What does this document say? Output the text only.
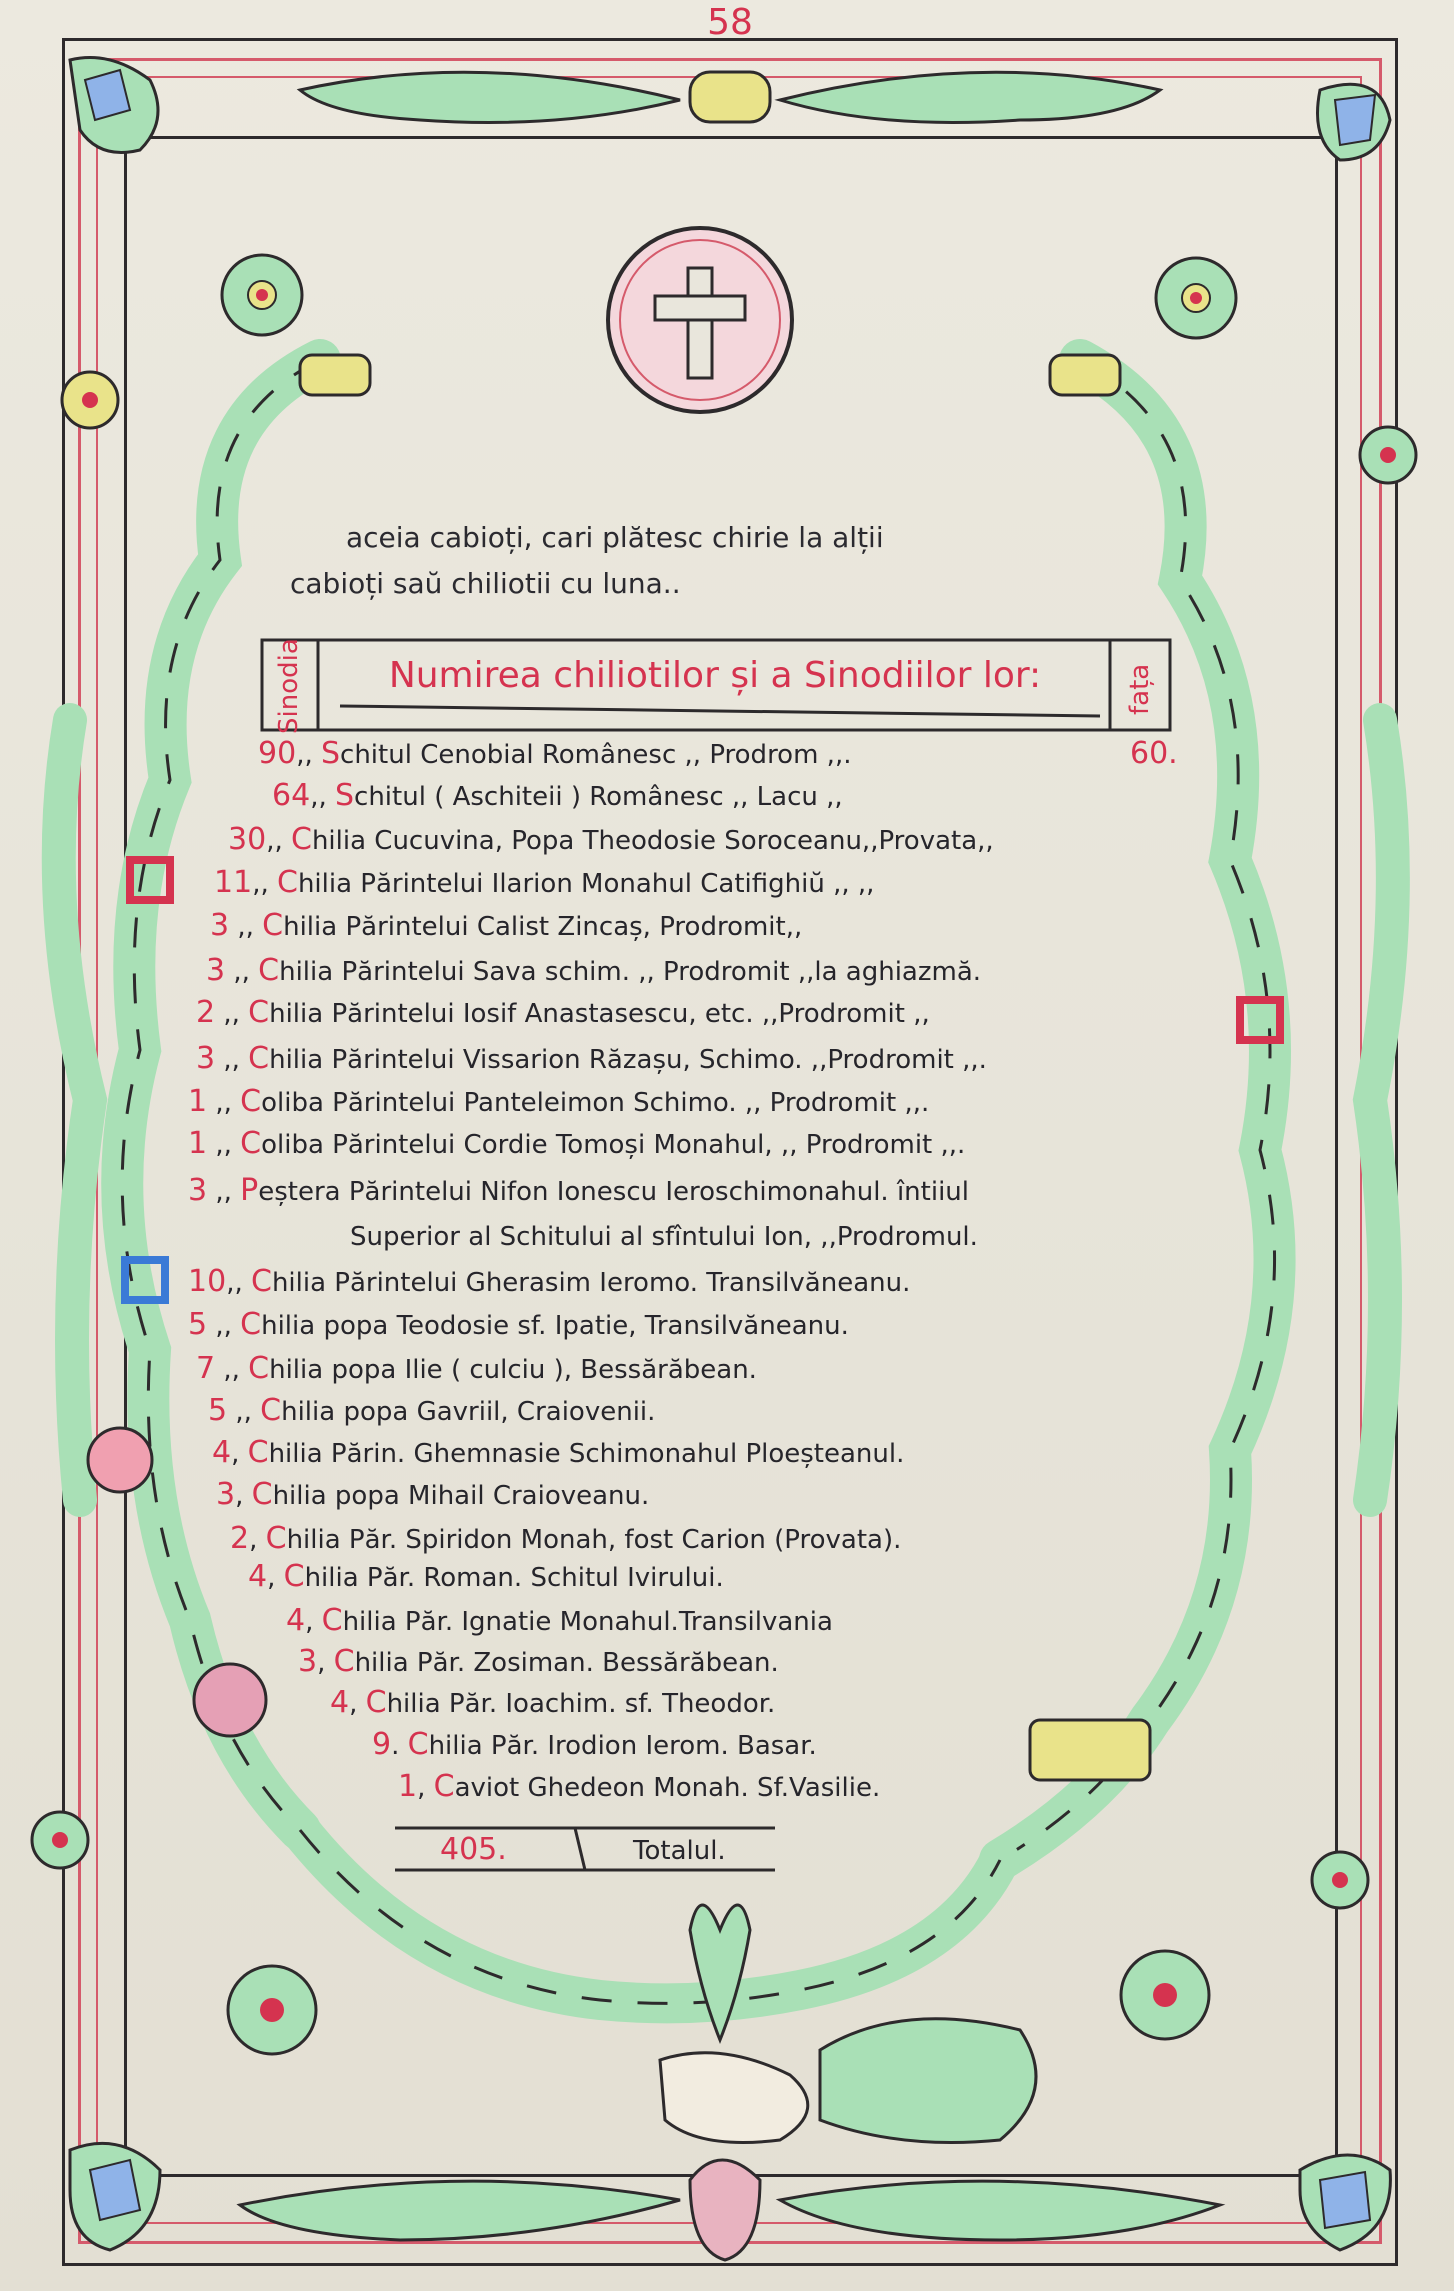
58
aceia cabioți, cari plătesc chirie la alții
cabioți saŭ chiliotii cu luna..
Sinodia	Numirea chiliotilor și a Sinodiilor lor:	fața
90,, Schitul Cenobial Românesc ,, Prodrom ,,.	60.
64,, Schitul ( Aschiteii ) Românesc ,, Lacu ,,
30,, Chilia Cucuvina, Popa Theodosie Soroceanu,,Provata,,
11,, Chilia Părintelui Ilarion Monahul Catifighiŭ ,, ,,
3 ,, Chilia Părintelui Calist Zincaș, Prodromit,,
3 ,, Chilia Părintelui Sava schim. ,, Prodromit ,,la aghiazmă.
2 ,, Chilia Părintelui Iosif Anastasescu, etc. ,,Prodromit ,,
3 ,, Chilia Părintelui Vissarion Răzașu, Schimo. ,,Prodromit ,,.
1 ,, Coliba Părintelui Panteleimon Schimo. ,, Prodromit ,,.
1 ,, Coliba Părintelui Cordie Tomoși Monahul, ,, Prodromit ,,.
3 ,, Peștera Părintelui Nifon Ionescu Ieroschimonahul. întiiul
Superior al Schitului al sfîntului Ion, ,,Prodromul.
10,, Chilia Părintelui Gherasim Ieromo. Transilvăneanu.
5 ,, Chilia popa Teodosie sf. Ipatie, Transilvăneanu.
7 ,, Chilia popa Ilie ( culciu ), Bessărăbean.
5 ,, Chilia popa Gavriil, Craiovenii.
4, Chilia Părin. Ghemnasie Schimonahul Ploeșteanul.
3, Chilia popa Mihail Craioveanu.
2, Chilia Păr. Spiridon Monah, fost Carion (Provata).
4, Chilia Păr. Roman. Schitul Ivirului.
4, Chilia Păr. Ignatie Monahul.Transilvania
3, Chilia Păr. Zosiman. Bessărăbean.
4, Chilia Păr. Ioachim. sf. Theodor.
9. Chilia Păr. Irodion Ierom. Basar.
1, Caviot Ghedeon Monah. Sf.Vasilie.
405.	Totalul.
